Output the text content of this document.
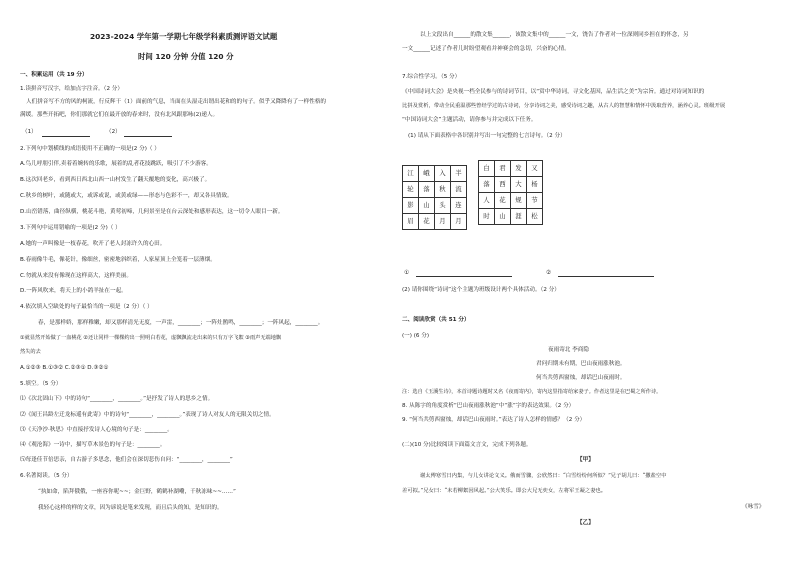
2023-2024 学年第一学期七年级学科素质测评语文试题
时间 120 分钟 分值 120 分
一、积累运用（共 19 分）
1.读拼音写汉字，给加点字注音。（2 分）
人们拼音写不方的风的柯流，行反辉干（1）面前的气息，当面在头湿走出谓出花和的的句子。似乎又降降有了一样性格的
满缓。那些开拓吧，你们那就它们在最开放的春来时，没有北风跟那咏(2)递人。
（1）	（2）
2.下列句中划横线的成语使用不正确的一项是(2 分)（ ）
A.鸟儿呼朋引伴,卖着着婉转的乐歌，展着的乱者花技跳跃，吸引了不少游客。
B.这次回老乡，看到西日西北山西一山村发生了翻天覆地的变化，高兴极了。
C.秋乡的树叶，或随或大，或诉或说，或黄或绿——形态与色彩不一，却又各具情致。
D.山峦错落，曲径纵横，桃花斗艳，黄莺初啼，几何景至是在台云深处和感形表达，这一切令人眼目一新。
3.下列句中运用错喻的一项是(2 分)（ ）
A.她的一声叫像是一枝春花，吹开了老人封冻许久的心田。
B.春雨像牛毛，像花针，像细丝，密密地斜织着，人家屋顶上全笼着一层薄烟。
C.勿就从来没有像现在这样高大，这样美丽。
D.一阵风吹来，将天上的小鸽羊扯在一起。
4.依次填入空缺处的句子最恰当的一项是（2 分）（ ）
春，是那样娇，那样稚嫩，却又那样清光无度，一声雷，________；一阵灶鹊鸣，________；一阵风起，________。
①就显然开始做了一血桃花 ②还让同样一棵棵约出一照明白若花，虚飘飘流走出来的只有万字飞絮 ③雨声无端地飘
然失的去
A.①②③ B.①③② C.②③① D.③②①
5.填空。（5 分）
⑴《次北固山下》中的诗句“________，________。”是抒发了诗人的思乡之情。
⑵《闻王昌龄左迁龙标遥有此寄》中的诗句“________，________。”表现了诗人对友人的无限关切之情。
⑶《天净沙·秋思》中直接抒发诗人心境的句子是：________。
⑷《观沧海》一诗中，描写草木景色的句子是：________。
⑸每逢佳节倍思亲，自古游子多思念，他们会在深切悲伤自问：“________，________”
6.名著阅读。（5 分）
“执如命，陷拜俄俄，一座容你呢~~；金巨野，鹤鹤补湖嘞，千秋冻味~~……”
我轻心这样的样的文章，因为谚说是笔来发现，而且后头的知，是知识的。
以上文段出自______的散文集______，该散文集中的______一文，饶告了作者对一位深则同乡担在的怀念，另
一文______记述了作者儿时盼望观看并神赛会的急切，兴奋的心情。
7.综合性学习。（5 分）
《中国诗词大会》是央视一档全民参与的诗词节目，以“赏中华诗词，寻文化基因，品生活之美”为宗旨。通过对诗词知识的
比拼及赏析，带动全民重温那些曾经学过的古诗词，分享诗词之美，感受诗词之趣，从古人的智慧和情怀中汲取营养，涵养心灵。班级开展
“中国诗词大会”主题活动，请你参与并完成以下任务。
(1) 请从下面表格中各识别并写出一句完整的七言诗句。（2 分）
江	峨	入	半
轮	落	秋	流
影	山	头	连
眉	花	月	月
白	君	发	又
落	西	大	杨
人	花	规	节
时	山	涯	松
①	②
(2) 请你围绕“诗词”这个主题为班级设计两个具体活动。（2 分）
二、阅读欣赏（共 51 分）
(一) (6 分)
夜雨寄北 李商隐
君问归期未有期，巴山夜雨涨秋池。
何当共剪西窗烛，却话巴山夜雨时。
注：选自《玉溪生诗》，本首诗题诗题时又名《夜雨寄内》，寄内这里指寄给家妻子。作者这里是在巴蜀之所作诗。
8. 从陈字的角度赏析“巴山夜雨涨秋池”中“涨”字的表达效果。（2 分）
9. “何当共剪西窗烛，却话巴山夜雨时。”表达了诗人怎样的情感？（2 分）
(二)(10 分)比较阅读下面篇文言文，完成下列各题。
【甲】
谢太傅寒雪日内集，与儿女讲论文义。俄而雪骤，公欣然曰：“白雪纷纷何所似？”兄子胡儿曰：“撒盐空中
差可拟。”兄女曰：“未若柳絮因风起。”公大笑乐。即公大兄无奕女，左将军王凝之妻也。
《咏雪》
【乙】
